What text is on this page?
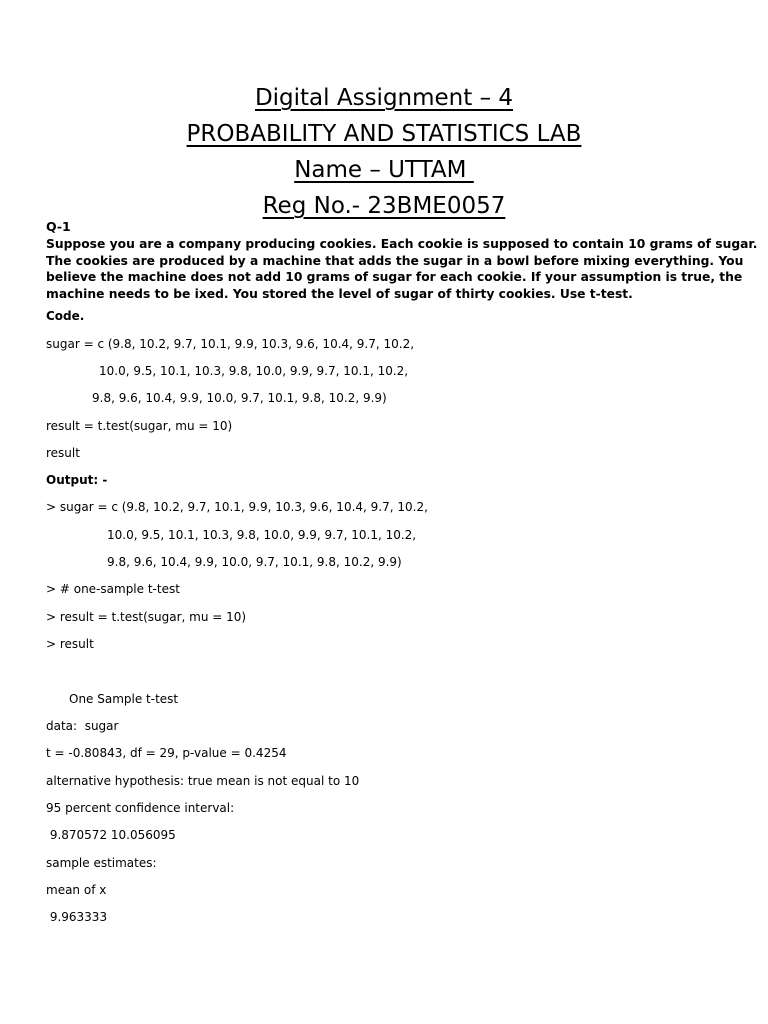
Digital Assignment – 4
PROBABILITY AND STATISTICS LAB
Name – UTTAM
Reg No.- 23BME0057
Q-1
Suppose you are a company producing cookies. Each cookie is supposed to contain 10 grams of sugar.
The cookies are produced by a machine that adds the sugar in a bowl before mixing everything. You
believe the machine does not add 10 grams of sugar for each cookie. If your assumption is true, the
machine needs to be ixed. You stored the level of sugar of thirty cookies. Use t-test.
Code.
sugar = c (9.8, 10.2, 9.7, 10.1, 9.9, 10.3, 9.6, 10.4, 9.7, 10.2,
10.0, 9.5, 10.1, 10.3, 9.8, 10.0, 9.9, 9.7, 10.1, 10.2,
9.8, 9.6, 10.4, 9.9, 10.0, 9.7, 10.1, 9.8, 10.2, 9.9)
result = t.test(sugar, mu = 10)
result
Output: -
> sugar = c (9.8, 10.2, 9.7, 10.1, 9.9, 10.3, 9.6, 10.4, 9.7, 10.2,
10.0, 9.5, 10.1, 10.3, 9.8, 10.0, 9.9, 9.7, 10.1, 10.2,
9.8, 9.6, 10.4, 9.9, 10.0, 9.7, 10.1, 9.8, 10.2, 9.9)
> # one-sample t-test
> result = t.test(sugar, mu = 10)
> result
One Sample t-test
data:  sugar
t = -0.80843, df = 29, p-value = 0.4254
alternative hypothesis: true mean is not equal to 10
95 percent confidence interval:
9.870572 10.056095
sample estimates:
mean of x
9.963333
